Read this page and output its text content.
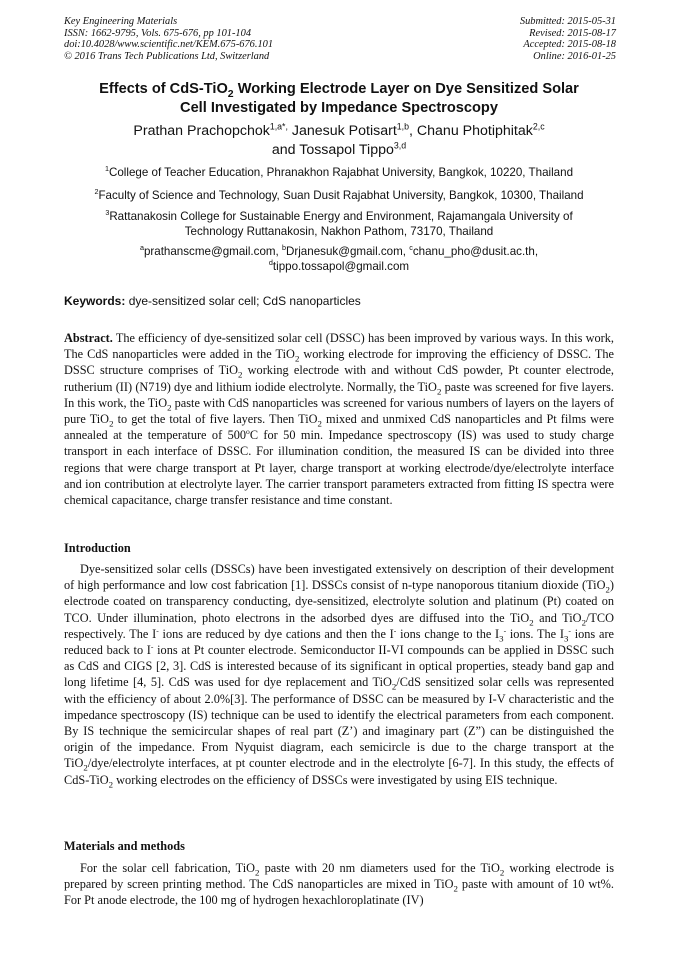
Key Engineering Materials
ISSN: 1662-9795, Vols. 675-676, pp 101-104
doi:10.4028/www.scientific.net/KEM.675-676.101
© 2016 Trans Tech Publications Ltd, Switzerland
Submitted: 2015-05-31
Revised: 2015-08-17
Accepted: 2015-08-18
Online: 2016-01-25
Effects of CdS-TiO$_2$ Working Electrode Layer on Dye Sensitized Solar
Cell Investigated by Impedance Spectroscopy
Prathan Prachopchok$^{1,a*,}$ Janesuk Potisart$^{1,b}$, Chanu Photiphitak$^{2,c}$
and Tossapol Tippo$^{3,d}$
$^1$College of Teacher Education, Phranakhon Rajabhat University, Bangkok, 10220, Thailand
$^2$Faculty of Science and Technology, Suan Dusit Rajabhat University, Bangkok, 10300, Thailand
$^3$Rattanakosin College for Sustainable Energy and Environment, Rajamangala University of
Technology Ruttanakosin, Nakhon Pathom, 73170, Thailand
$^a$prathanscme@gmail.com, $^b$Drjanesuk@gmail.com, $^c$chanu_pho@dusit.ac.th,
$^d$tippo.tossapol@gmail.com
Keywords: dye-sensitized solar cell; CdS nanoparticles

Abstract. The efficiency of dye-sensitized solar cell (DSSC) has been improved by various ways. In this work, The CdS nanoparticles were added in the TiO$_2$ working electrode for improving the efficiency of DSSC. The DSSC structure comprises of TiO$_2$ working electrode with and without CdS powder, Pt counter electrode, rutherium (II) (N719) dye and lithium iodide electrolyte. Normally, the TiO$_2$ paste was screened for five layers. In this work, the TiO$_2$ paste with CdS nanoparticles was screened for various numbers of layers on the layers of pure TiO$_2$ to get the total of five layers. Then TiO$_2$ mixed and unmixed CdS nanoparticles and Pt films were annealed at the temperature of 500$^o$C for 50 min. Impedance spectroscopy (IS) was used to study charge transport in each interface of DSSC. For illumination condition, the measured IS can be divided into three regions that were charge transport at Pt layer, charge transport at working electrode/dye/electrolyte interface and ion contribution at electrolyte layer. The carrier transport parameters extracted from fitting IS spectra were chemical capacitance, charge transfer resistance and time constant.

Introduction

Dye-sensitized solar cells (DSSCs) have been investigated extensively on description of their development of high performance and low cost fabrication [1]. DSSCs consist of n-type nanoporous titanium dioxide (TiO$_2$) electrode coated on transparency conducting, dye-sensitized, electrolyte solution and platinum (Pt) coated on TCO. Under illumination, photo electrons in the adsorbed dyes are diffused into the TiO$_2$ and TiO$_2$/TCO respectively. The I- ions are reduced by dye cations and then the I- ions change to the $I_3^-$ ions. The $I_3^-$ ions are reduced back to I- ions at Pt counter electrode. Semiconductor II-VI compounds can be applied in DSSC such as CdS and CIGS [2, 3]. CdS is interested because of its significant in optical properties, steady band gap and long lifetime [4, 5]. CdS was used for dye replacement and TiO$_2$/CdS sensitized solar cells was represented with the efficiency of about 2.0%[3]. The performance of DSSC can be measured by I-V characteristic and the impedance spectroscopy (IS) technique can be used to identify the electrical parameters from each component. By IS technique the semicircular shapes of real part (Z’) and imaginary part (Z”) can be distinguished the origin of the impedance. From Nyquist diagram, each semicircle is due to the charge transport at the TiO$_2$/dye/electrolyte interfaces, at pt counter electrode and in the electrolyte [6-7]. In this study, the effects of CdS-TiO$_2$ working electrodes on the efficiency of DSSCs were investigated by using EIS technique.

Materials and methods

For the solar cell fabrication, TiO$_2$ paste with 20 nm diameters used for the TiO$_2$ working electrode is prepared by screen printing method. The CdS nanoparticles are mixed in TiO$_2$ paste with amount of 10 wt%. For Pt anode electrode, the 100 mg of hydrogen hexachloroplatinate (IV)
